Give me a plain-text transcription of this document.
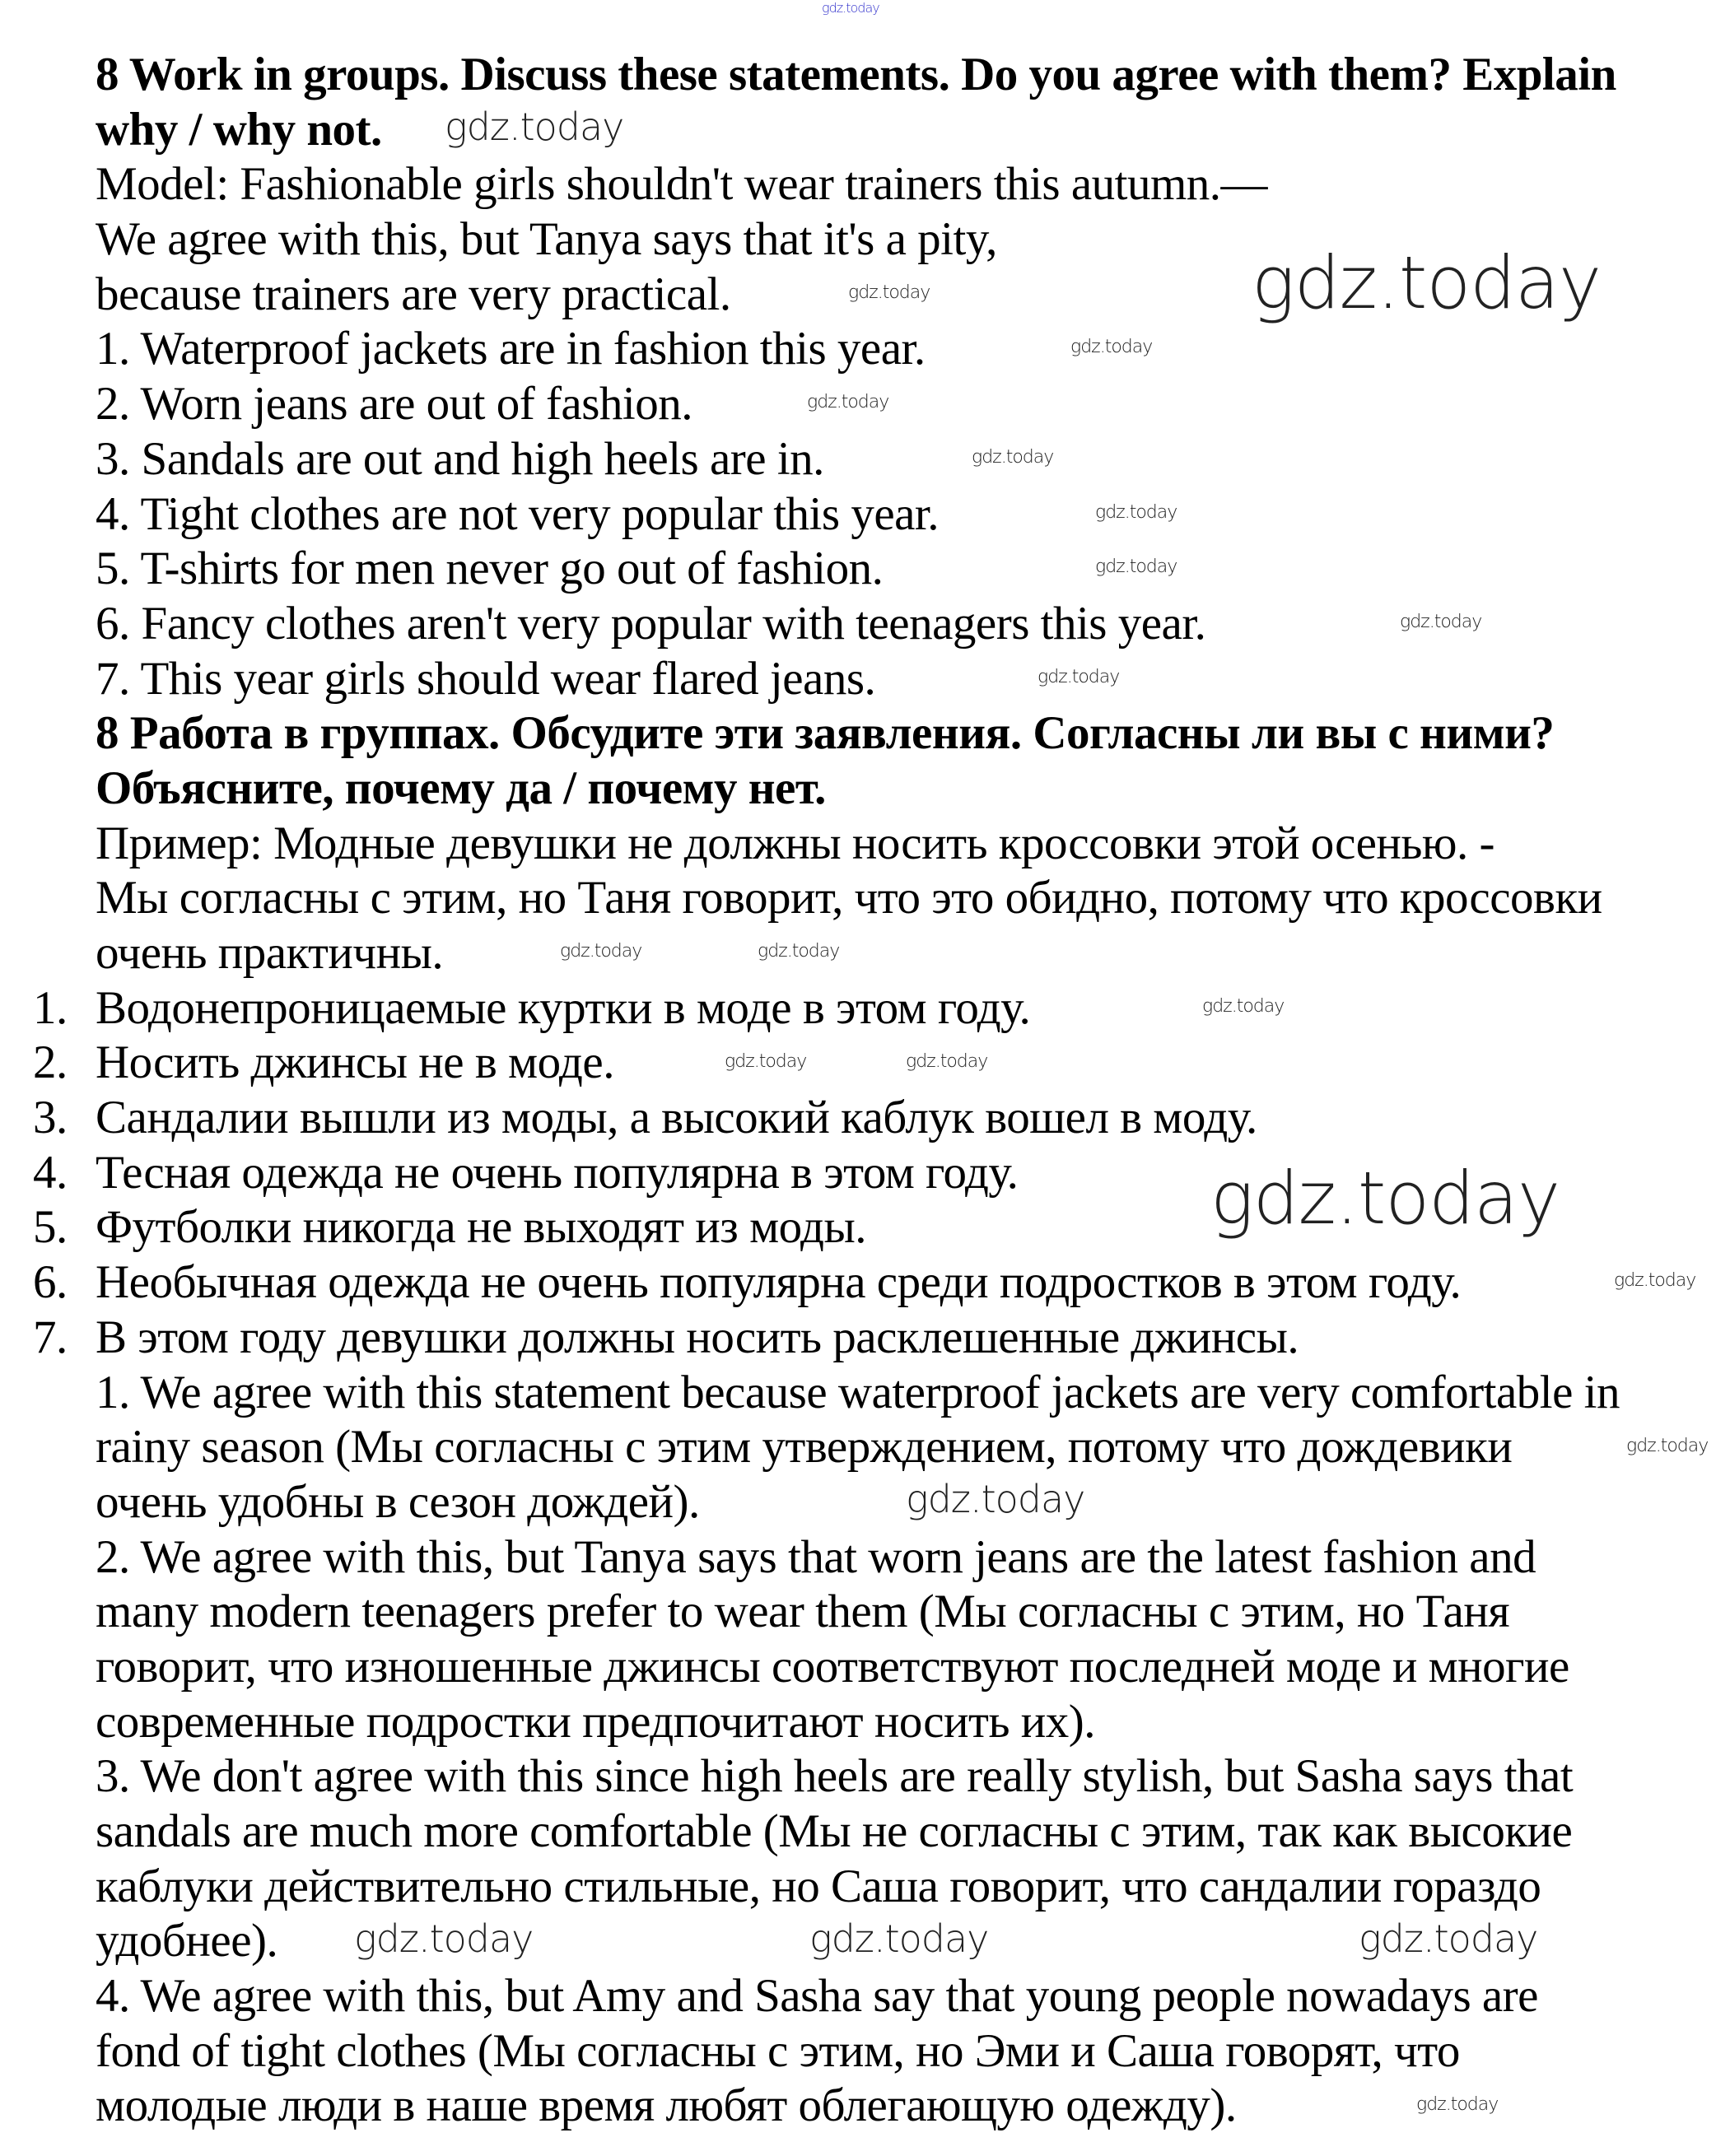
gdz.today
8 Work in groups. Discuss these statements. Do you agree with them? Explain
why / why not.
Model: Fashionable girls shouldn't wear trainers this autumn.—
We agree with this, but Tanya says that it's a pity,
because trainers are very practical.
1. Waterproof jackets are in fashion this year.
2. Worn jeans are out of fashion.
3. Sandals are out and high heels are in.
4. Tight clothes are not very popular this year.
5. T-shirts for men never go out of fashion.
6. Fancy clothes aren't very popular with teenagers this year.
7. This year girls should wear flared jeans.
8 Работа в группах. Обсудите эти заявления. Согласны ли вы с ними?
Объясните, почему да / почему нет.
Пример: Модные девушки не должны носить кроссовки этой осенью. -
Мы согласны с этим, но Таня говорит, что это обидно, потому что кроссовки
очень практичны.
1. Водонепроницаемые куртки в моде в этом году.
2. Носить джинсы не в моде.
3. Сандалии вышли из моды, а высокий каблук вошел в моду.
4. Тесная одежда не очень популярна в этом году.
5. Футболки никогда не выходят из моды.
6. Необычная одежда не очень популярна среди подростков в этом году.
7. В этом году девушки должны носить расклешенные джинсы.
1. We agree with this statement because waterproof jackets are very comfortable in
rainy season (Мы согласны с этим утверждением, потому что дождевики
очень удобны в сезон дождей).
2. We agree with this, but Tanya says that worn jeans are the latest fashion and
many modern teenagers prefer to wear them (Мы согласны с этим, но Таня
говорит, что изношенные джинсы соответствуют последней моде и многие
современные подростки предпочитают носить их).
3. We don't agree with this since high heels are really stylish, but Sasha says that
sandals are much more comfortable (Мы не согласны с этим, так как высокие
каблуки действительно стильные, но Саша говорит, что сандалии гораздо
удобнее).
4. We agree with this, but Amy and Sasha say that young people nowadays are
fond of tight clothes (Мы согласны с этим, но Эми и Саша говорят, что
молодые люди в наше время любят облегающую одежду).
gdz.today
gdz.today
gdz.today
gdz.today
gdz.today
gdz.today
gdz.today
gdz.today
gdz.today
gdz.today
gdz.today	gdz.today
gdz.today
gdz.today	gdz.today
gdz.today
gdz.today
gdz.today
gdz.today
gdz.today	gdz.today	gdz.today
gdz.today
